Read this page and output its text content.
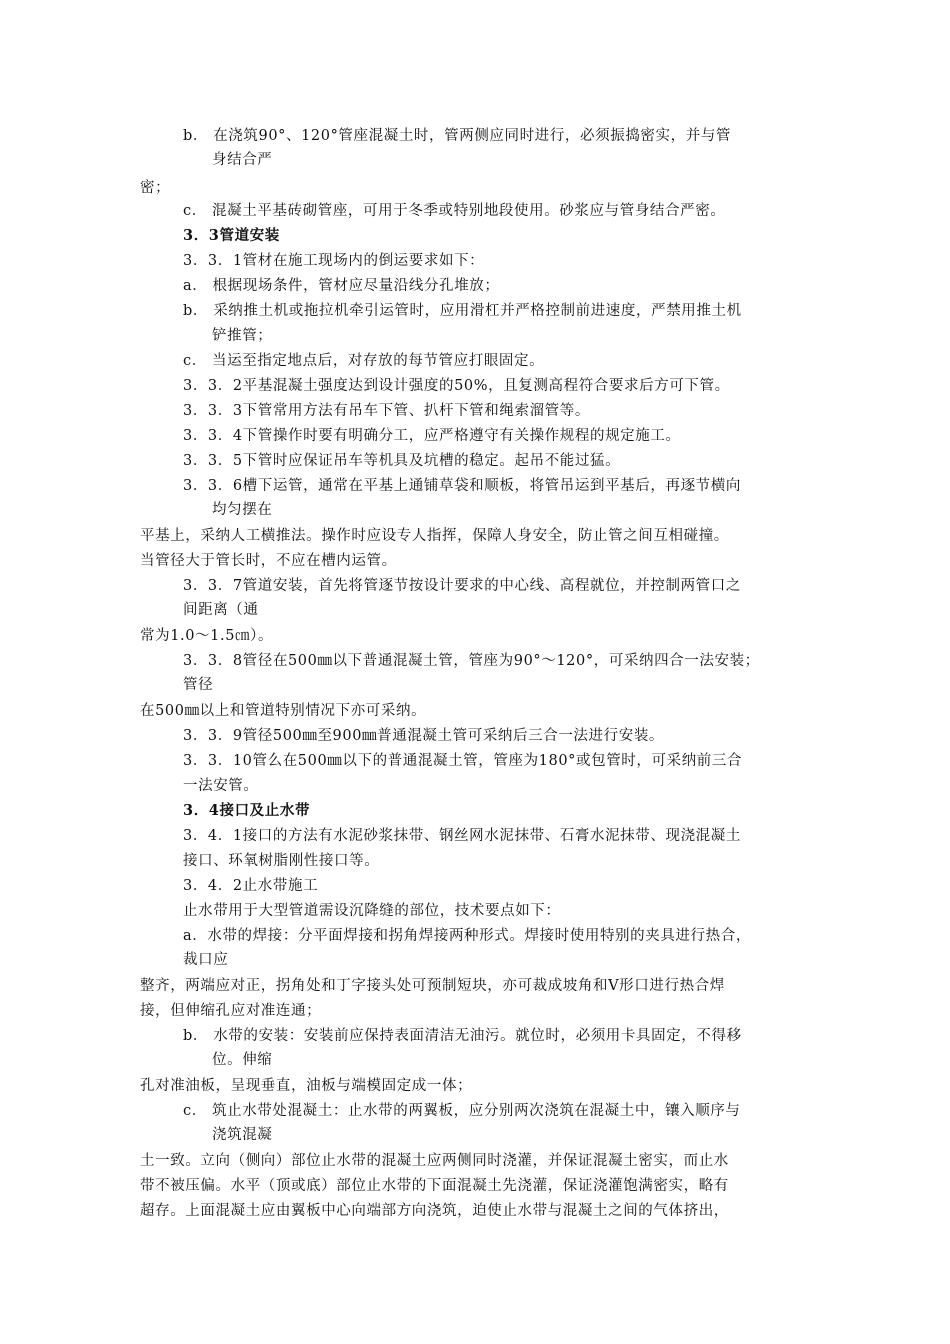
b． 在浇筑90°、120°管座混凝土时，管两侧应同时进行，必须振捣密实，并与管
身结合严
密；
c． 混凝土平基砖砌管座，可用于冬季或特别地段使用。砂浆应与管身结合严密。
3．3管道安装
3．3．1管材在施工现场内的倒运要求如下：
a． 根据现场条件，管材应尽量沿线分孔堆放；
b． 采纳推土机或拖拉机牵引运管时，应用滑杠并严格控制前进速度，严禁用推土机
铲推管；
c． 当运至指定地点后，对存放的每节管应打眼固定。
3．3．2平基混凝土强度达到设计强度的50%，且复测高程符合要求后方可下管。
3．3．3下管常用方法有吊车下管、扒杆下管和绳索溜管等。
3．3．4下管操作时要有明确分工，应严格遵守有关操作规程的规定施工。
3．3．5下管时应保证吊车等机具及坑槽的稳定。起吊不能过猛。
3．3．6槽下运管，通常在平基上通铺草袋和顺板，将管吊运到平基后，再逐节横向
均匀摆在
平基上，采纳人工横推法。操作时应设专人指挥，保障人身安全，防止管之间互相碰撞。
当管径大于管长时，不应在槽内运管。
3．3．7管道安装，首先将管逐节按设计要求的中心线、高程就位，并控制两管口之
间距离（通
常为1.0～1.5㎝）。
3．3．8管径在500㎜以下普通混凝土管，管座为90°～120°，可采纳四合一法安装；
管径
在500㎜以上和管道特别情况下亦可采纳。
3．3．9管径500㎜至900㎜普通混凝土管可采纳后三合一法进行安装。
3．3．10管么在500㎜以下的普通混凝土管，管座为180°或包管时，可采纳前三合
一法安管。
3．4接口及止水带
3．4．1接口的方法有水泥砂浆抹带、钢丝网水泥抹带、石膏水泥抹带、现浇混凝土
接口、环氧树脂刚性接口等。
3．4．2止水带施工
止水带用于大型管道需设沉降缝的部位，技术要点如下：
a．水带的焊接：分平面焊接和拐角焊接两种形式。焊接时使用特别的夹具进行热合，
裁口应
整齐，两端应对正，拐角处和丁字接头处可预制短块，亦可裁成坡角和V形口进行热合焊
接，但伸缩孔应对准连通；
b． 水带的安装：安装前应保持表面清洁无油污。就位时，必须用卡具固定，不得移
位。伸缩
孔对准油板，呈现垂直，油板与端模固定成一体；
c． 筑止水带处混凝土：止水带的两翼板，应分别两次浇筑在混凝土中，镶入顺序与
浇筑混凝
土一致。立向（侧向）部位止水带的混凝土应两侧同时浇灌，并保证混凝土密实，而止水
带不被压偏。水平（顶或底）部位止水带的下面混凝土先浇灌，保证浇灌饱满密实，略有
超存。上面混凝土应由翼板中心向端部方向浇筑，迫使止水带与混凝土之间的气体挤出，
